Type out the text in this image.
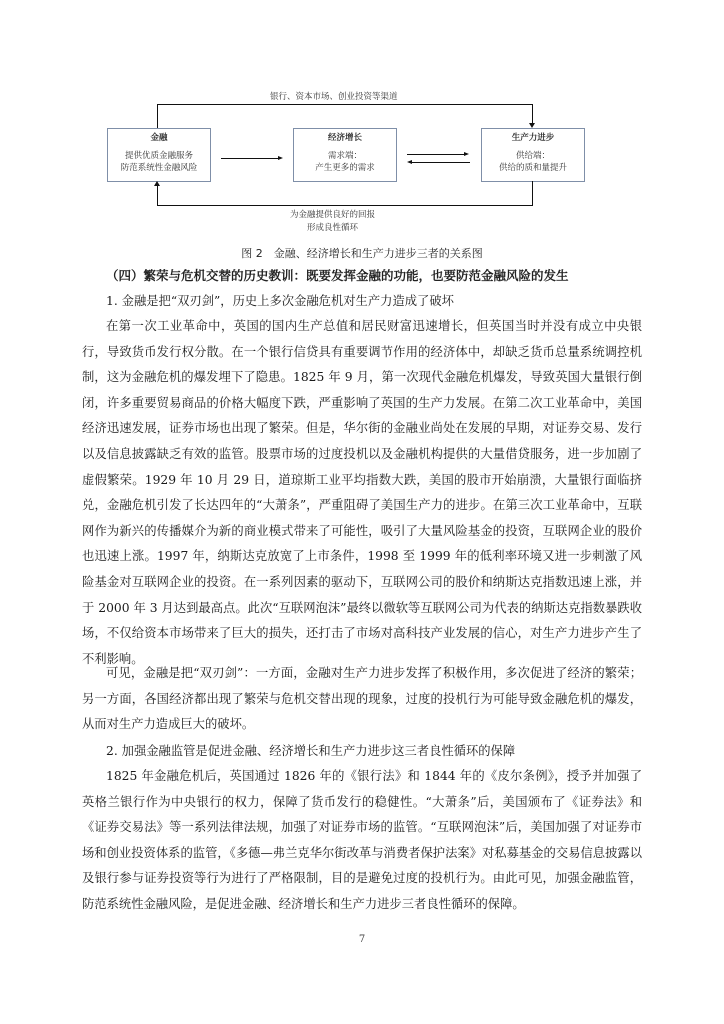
银行、资本市场、创业投资等渠道
金融
提供优质金融服务
防范系统性金融风险
经济增长
需求端：
产生更多的需求
生产力进步
供给端：
供给的质和量提升
为金融提供良好的回报
形成良性循环
图 2　金融、经济增长和生产力进步三者的关系图
（四）繁荣与危机交替的历史教训：既要发挥金融的功能，也要防范金融风险的发生
1. 金融是把“双刃剑”，历史上多次金融危机对生产力造成了破坏
在第一次工业革命中，英国的国内生产总值和居民财富迅速增长，但英国当时并没有成立中央银行，导致货币发行权分散。在一个银行信贷具有重要调节作用的经济体中，却缺乏货币总量系统调控机制，这为金融危机的爆发埋下了隐患。1825 年 9 月，第一次现代金融危机爆发，导致英国大量银行倒闭，许多重要贸易商品的价格大幅度下跌，严重影响了英国的生产力发展。在第二次工业革命中，美国经济迅速发展，证券市场也出现了繁荣。但是，华尔街的金融业尚处在发展的早期，对证券交易、发行以及信息披露缺乏有效的监管。股票市场的过度投机以及金融机构提供的大量借贷服务，进一步加剧了虚假繁荣。1929 年 10 月 29 日，道琼斯工业平均指数大跌，美国的股市开始崩溃，大量银行面临挤兑，金融危机引发了长达四年的“大萧条”，严重阻碍了美国生产力的进步。在第三次工业革命中，互联网作为新兴的传播媒介为新的商业模式带来了可能性，吸引了大量风险基金的投资，互联网企业的股价也迅速上涨。1997 年，纳斯达克放宽了上市条件，1998 至 1999 年的低利率环境又进一步刺激了风险基金对互联网企业的投资。在一系列因素的驱动下，互联网公司的股价和纳斯达克指数迅速上涨，并于 2000 年 3 月达到最高点。此次“互联网泡沫”最终以微软等互联网公司为代表的纳斯达克指数暴跌收场，不仅给资本市场带来了巨大的损失，还打击了市场对高科技产业发展的信心，对生产力进步产生了不利影响。
可见，金融是把“双刃剑”：一方面，金融对生产力进步发挥了积极作用，多次促进了经济的繁荣；另一方面，各国经济都出现了繁荣与危机交替出现的现象，过度的投机行为可能导致金融危机的爆发，从而对生产力造成巨大的破坏。
2. 加强金融监管是促进金融、经济增长和生产力进步这三者良性循环的保障
1825 年金融危机后，英国通过 1826 年的《银行法》和 1844 年的《皮尔条例》，授予并加强了英格兰银行作为中央银行的权力，保障了货币发行的稳健性。“大萧条”后，美国颁布了《证券法》和《证券交易法》等一系列法律法规，加强了对证券市场的监管。“互联网泡沫”后，美国加强了对证券市场和创业投资体系的监管，《多德—弗兰克华尔街改革与消费者保护法案》对私募基金的交易信息披露以及银行参与证券投资等行为进行了严格限制，目的是避免过度的投机行为。由此可见，加强金融监管，防范系统性金融风险，是促进金融、经济增长和生产力进步三者良性循环的保障。
7
